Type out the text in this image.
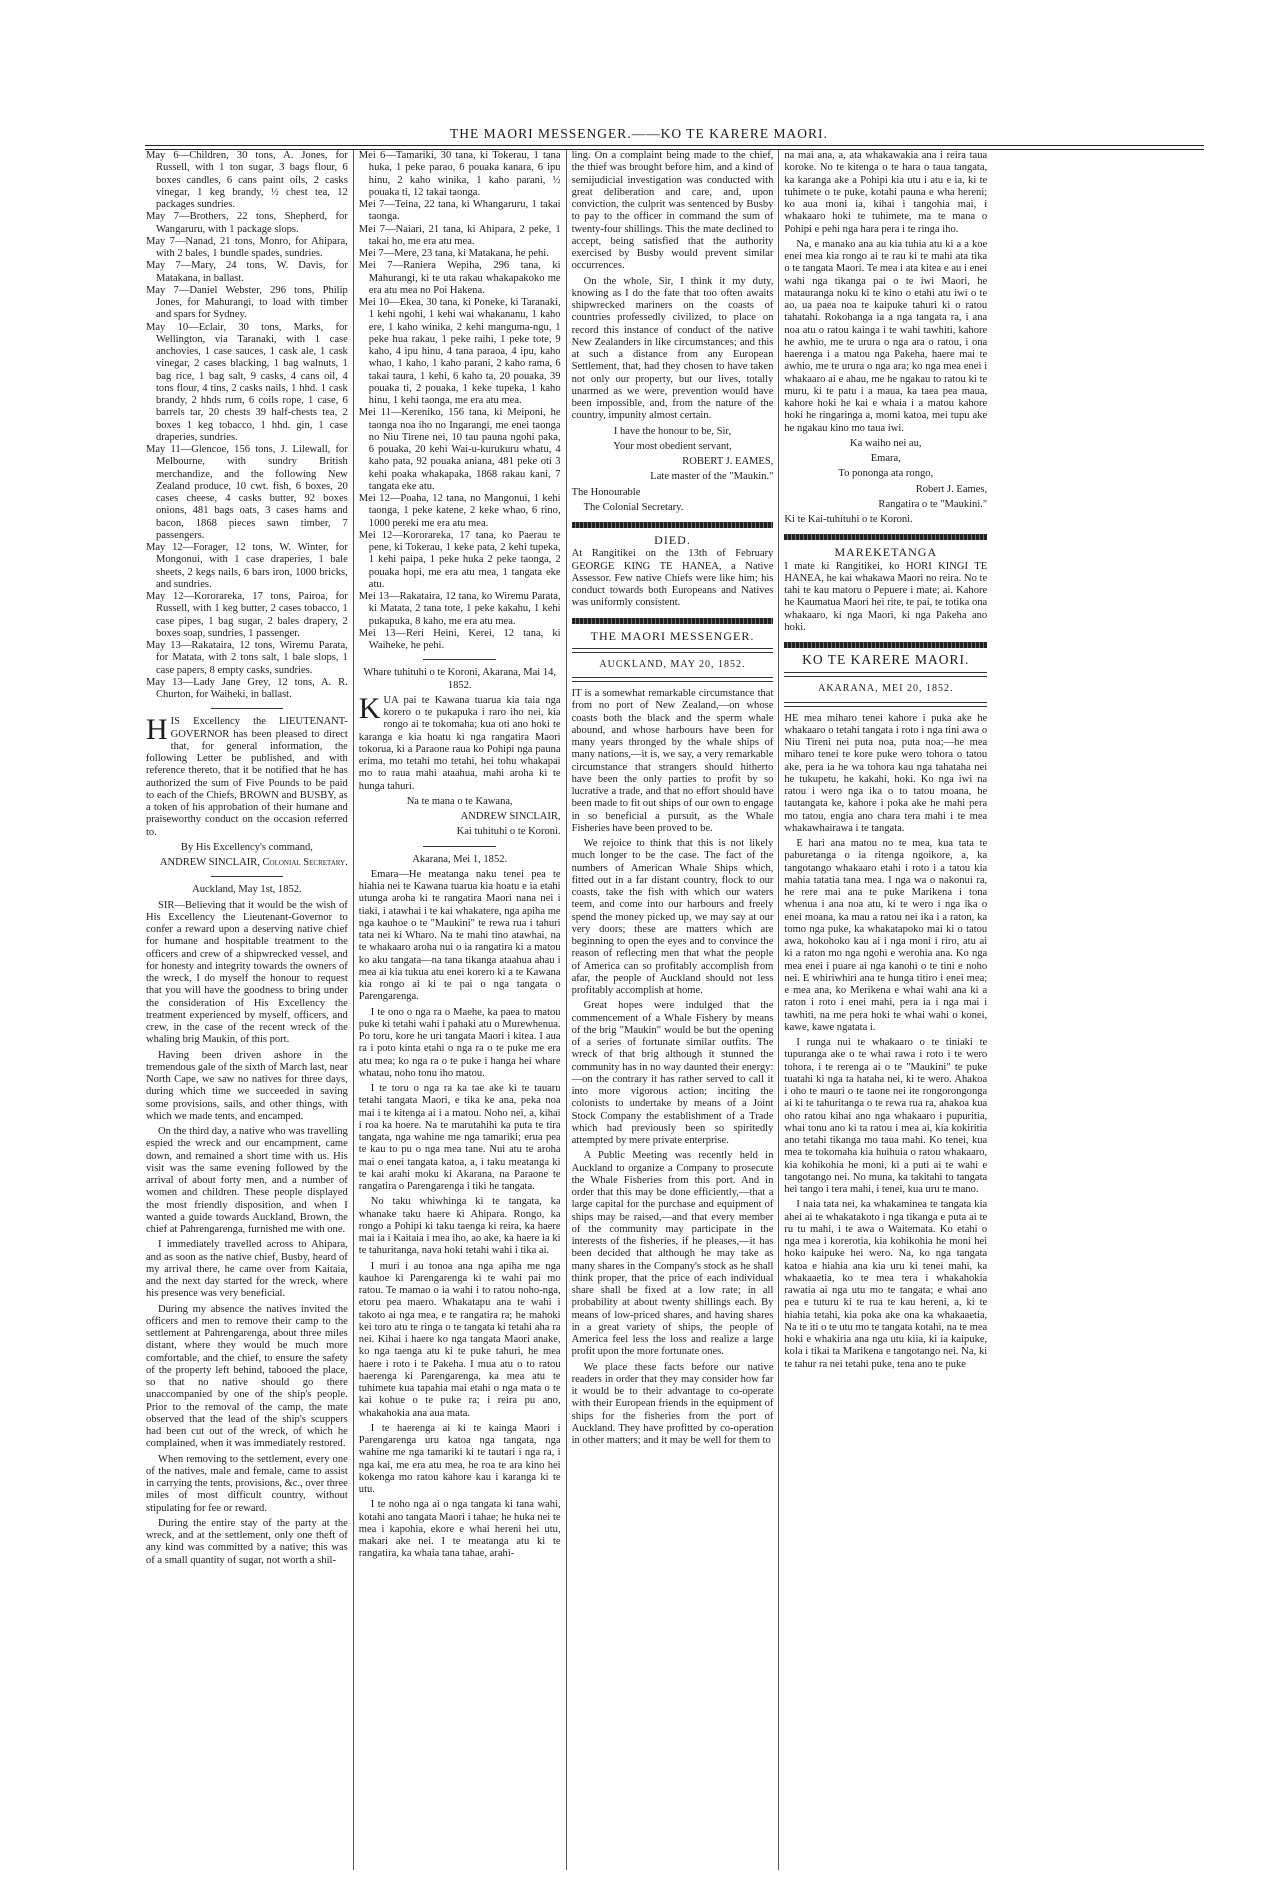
THE MAORI MESSENGER.——KO TE KARERE MAORI.

May 6—Children, 30 tons, A. Jones, for Russell, with 1 ton sugar, 3 bags flour, 6 boxes candles, 6 cans paint oils, 2 casks vinegar, 1 keg brandy, ½ chest tea, 12 packages sundries.

May 7—Brothers, 22 tons, Shepherd, for Wangaruru, with 1 package slops.

May 7—Nanad, 21 tons, Monro, for Ahipara, with 2 bales, 1 bundle spades, sundries.

May 7—Mary, 24 tons, W. Davis, for Matakana, in ballast.

May 7—Daniel Webster, 296 tons, Philip Jones, for Mahurangi, to load with timber and spars for Sydney.

May 10—Eclair, 30 tons, Marks, for Wellington, via Taranaki, with 1 case anchovies, 1 case sauces, 1 cask ale, 1 cask vinegar, 2 cases blacking, 1 bag walnuts, 1 bag rice, 1 bag salt, 9 casks, 4 cans oil, 4 tons flour, 4 tins, 2 casks nails, 1 hhd. 1 cask brandy, 2 hhds rum, 6 coils rope, 1 case, 6 barrels tar, 20 chests 39 half-chests tea, 2 boxes 1 keg tobacco, 1 hhd. gin, 1 case draperies, sundries.

May 11—Glencoe, 156 tons, J. Lilewall, for Melbourne, with sundry British merchandize, and the following New Zealand produce, 10 cwt. fish, 6 boxes, 20 cases cheese, 4 casks butter, 92 boxes onions, 481 bags oats, 3 cases hams and bacon, 1868 pieces sawn timber, 7 passengers.

May 12—Forager, 12 tons, W. Winter, for Mongonui, with 1 case draperies, 1 bale sheets, 2 kegs nails, 6 bars iron, 1000 bricks, and sundries.

May 12—Kororareka, 17 tons, Pairoa, for Russell, with 1 keg butter, 2 cases tobacco, 1 case pipes, 1 bag sugar, 2 bales drapery, 2 boxes soap, sundries, 1 passenger.

May 13—Rakataira, 12 tons, Wiremu Parata, for Matata, with 2 tons salt, 1 bale slops, 1 case papers, 8 empty casks, sundries.

May 13—Lady Jane Grey, 12 tons, A. R. Churton, for Waiheki, in ballast.

HIS Excellency the LIEUTENANT-GOVERNOR has been pleased to direct that, for general information, the following Letter be published, and with reference thereto, that it be notified that he has authorized the sum of Five Pounds to be paid to each of the Chiefs, BROWN and BUSBY, as a token of his approbation of their humane and praiseworthy conduct on the occasion referred to.

By His Excellency's command,

ANDREW SINCLAIR, Colonial Secretary.

Auckland, May 1st, 1852.

SIR—Believing that it would be the wish of His Excellency the Lieutenant-Governor to confer a reward upon a deserving native chief for humane and hospitable treatment to the officers and crew of a shipwrecked vessel, and for honesty and integrity towards the owners of the wreck, I do myself the honour to request that you will have the goodness to bring under the consideration of His Excellency the treatment experienced by myself, officers, and crew, in the case of the recent wreck of the whaling brig Maukin, of this port.

Having been driven ashore in the tremendous gale of the sixth of March last, near North Cape, we saw no natives for three days, during which time we succeeded in saving some provisions, sails, and other things, with which we made tents, and encamped.

On the third day, a native who was travelling espied the wreck and our encampment, came down, and remained a short time with us. His visit was the same evening followed by the arrival of about forty men, and a number of women and children. These people displayed the most friendly disposition, and when I wanted a guide towards Auckland, Brown, the chief at Pahrengarenga, furnished me with one.

I immediately travelled across to Ahipara, and as soon as the native chief, Busby, heard of my arrival there, he came over from Kaitaia, and the next day started for the wreck, where his presence was very beneficial.

During my absence the natives invited the officers and men to remove their camp to the settlement at Pahrengarenga, about three miles distant, where they would be much more comfortable, and the chief, to ensure the safety of the property left behind, tabooed the place, so that no native should go there unaccompanied by one of the ship's people. Prior to the removal of the camp, the mate observed that the lead of the ship's scuppers had been cut out of the wreck, of which he complained, when it was immediately restored.

When removing to the settlement, every one of the natives, male and female, came to assist in carrying the tents, provisions, &c., over three miles of most difficult country, without stipulating for fee or reward.

During the entire stay of the party at the wreck, and at the settlement, only one theft of any kind was committed by a native; this was of a small quantity of sugar, not worth a shil-

Mei 6—Tamariki, 30 tana, ki Tokerau, 1 tana huka, 1 peke parao, 6 pouaka kanara, 6 ipu hinu, 2 kaho winika, 1 kaho parani, ½ pouaka ti, 12 takai taonga.

Mei 7—Teina, 22 tana, ki Whangaruru, 1 takai taonga.

Mei 7—Naiari, 21 tana, ki Ahipara, 2 peke, 1 takai ho, me era atu mea.

Mei 7—Mere, 23 tana, ki Matakana, he pehi.

Mei 7—Raniera Wepiha, 296 tana, ki Mahurangi, ki te uta rakau whakapakoko me era atu mea no Poi Hakena.

Mei 10—Ekea, 30 tana, ki Poneke, ki Taranaki, 1 kehi ngohi, 1 kehi wai whakananu, 1 kaho ere, 1 kaho winika, 2 kehi manguma-ngu, 1 peke hua rakau, 1 peke raihi, 1 peke tote, 9 kaho, 4 ipu hinu, 4 tana paraoa, 4 ipu, kaho whao, 1 kaho, 1 kaho parani, 2 kaho rama, 6 takai taura, 1 kehi, 6 kaho ta, 20 pouaka, 39 pouaka ti, 2 pouaka, 1 keke tupeka, 1 kaho hinu, 1 kehi taonga, me era atu mea.

Mei 11—Kereniko, 156 tana, ki Meiponi, he taonga noa iho no Ingarangi, me enei taonga no Niu Tirene nei, 10 tau pauna ngohi paka, 6 pouaka, 20 kehi Wai-u-kurukuru whatu, 4 kaho pata, 92 pouaka aniana, 481 peke oti 3 kehi poaka whakapaka, 1868 rakau kani, 7 tangata eke atu.

Mei 12—Poaha, 12 tana, no Mangonui, 1 kehi taonga, 1 peke katene, 2 keke whao, 6 rino, 1000 pereki me era atu mea.

Mei 12—Kororareka, 17 tana, ko Paerau te pene, ki Tokerau, 1 keke pata, 2 kehi tupeka, 1 kehi paipa, 1 peke huka 2 peke taonga, 2 pouaka hopi, me era atu mea, 1 tangata eke atu.

Mei 13—Rakataira, 12 tana, ko Wiremu Parata, ki Matata, 2 tana tote, 1 peke kakahu, 1 kehi pukapuka, 8 kaho, me era atu mea.

Mei 13—Reri Heini, Kerei, 12 tana, ki Waiheke, he pehi.

Whare tuhituhi o te Koroni, Akarana, Mai 14, 1852.

KUA pai te Kawana tuarua kia taia nga korero o te pukapuka i raro iho nei, kia rongo ai te tokomaha; kua oti ano hoki te karanga e kia hoatu ki nga rangatira Maori tokorua, ki a Paraone raua ko Pohipi nga pauna erima, mo tetahi mo tetahi, hei tohu whakapai mo to raua mahi ataahua, mahi aroha ki te hunga tahuri.

Na te mana o te Kawana,

ANDREW SINCLAIR,

Kai tuhituhi o te Koroni.

Akarana, Mei 1, 1852.

Emara—He meatanga naku tenei pea te hiahia nei te Kawana tuarua kia hoatu e ia etahi utunga aroha ki te rangatira Maori nana nei i tiaki, i atawhai i te kai whakatere, nga apiha me nga kauhoe o te "Maukini" te rewa rua i tahuri tata nei ki Wharo. Na te mahi tino atawhai, na te whakaaro aroha nui o ia rangatira ki a matou ko aku tangata—na tana tikanga ataahua ahau i mea ai kia tukua atu enei korero ki a te Kawana kia rongo ai ki te pai o nga tangata o Parengarenga.

I te ono o nga ra o Maehe, ka paea to matou puke ki tetahi wahi i pahaki atu o Murewhenua. Po toru, kore he uri tangata Maori i kitea. I aua ra i poto kinta etahi o nga ra o te puke me era atu mea; ko nga ra o te puke i hanga hei whare whatau, noho tonu iho matou.

I te toru o nga ra ka tae ake ki te tauaru tetahi tangata Maori, e tika ke ana, peka noa mai i te kitenga ai i a matou. Noho nei, a, kihai i roa ka hoere. Na te marutahihi ka puta te tira tangata, nga wahine me nga tamariki; erua pea te kau to pu o nga mea tane. Nui atu te aroha mai o enei tangata katoa, a, i taku meatanga ki te kai arahi moku ki Akarana, na Paraone te rangatira o Parengarenga i tiki he tangata.

No taku whiwhinga ki te tangata, ka whanake taku haere ki Ahipara. Rongo, ka rongo a Pohipi ki taku taenga ki reira, ka haere mai ia i Kaitaia i mea iho, ao ake, ka haere ia ki te tahuritanga, nava hoki tetahi wahi i tika ai.

I muri i au tonoa ana nga apiha me nga kauhoe ki Parengarenga ki te wahi pai mo ratou. Te mamao o ia wahi i to ratou noho-nga, etoru pea maero. Whakatapu ana te wahi i takoto ai nga mea, e te rangatira ra; he mahoki kei toro atu te ringa o te tangata ki tetahi aha ra nei. Kihai i haere ko nga tangata Maori anake, ko nga taenga atu ki te puke tahuri, he mea haere i roto i te Pakeha. I mua atu o to ratou haerenga ki Parengarenga, ka mea atu te tuhimete kua tapahia mai etahi o nga mata o te kai kohue o te puke ra; i reira pu ano, whakahokia ana aua mata.

I te haerenga ai ki te kainga Maori i Parengarenga uru katoa nga tangata, nga wahine me nga tamariki ki te tautari i nga ra, i nga kai, me era atu mea, he roa te ara kino hei kokenga mo ratou kahore kau i karanga ki te utu.

I te noho nga ai o nga tangata ki tana wahi, kotahi ano tangata Maori i tahae; he huka nei te mea i kapohia, ekore e whai hereni hei utu, makari ake nei. I te meatanga atu ki te rangatira, ka whaia tana tahae, arahi-

ling. On a complaint being made to the chief, the thief was brought before him, and a kind of semijudicial investigation was conducted with great deliberation and care, and, upon conviction, the culprit was sentenced by Busby to pay to the officer in command the sum of twenty-four shillings. This the mate declined to accept, being satisfied that the authority exercised by Busby would prevent similar occurrences.

On the whole, Sir, I think it my duty, knowing as I do the fate that too often awaits shipwrecked mariners on the coasts of countries professedly civilized, to place on record this instance of conduct of the native New Zealanders in like circumstances; and this at such a distance from any European Settlement, that, had they chosen to have taken not only our property, but our lives, totally unarmed as we were, prevention would have been impossible, and, from the nature of the country, impunity almost certain.

I have the honour to be, Sir,

Your most obedient servant,

ROBERT J. EAMES,

Late master of the "Maukin."

The Honourable

The Colonial Secretary.

DIED.

At Rangitikei on the 13th of February GEORGE KING TE HANEA, a Native Assessor. Few native Chiefs were like him; his conduct towards both Europeans and Natives was uniformly consistent.

THE MAORI MESSENGER.

AUCKLAND, MAY 20, 1852.

IT is a somewhat remarkable circumstance that from no port of New Zealand,—on whose coasts both the black and the sperm whale abound, and whose harbours have been for many years thronged by the whale ships of many nations,—it is, we say, a very remarkable circumstance that strangers should hitherto have been the only parties to profit by so lucrative a trade, and that no effort should have been made to fit out ships of our own to engage in so beneficial a pursuit, as the Whale Fisheries have been proved to be.

We rejoice to think that this is not likely much longer to be the case. The fact of the numbers of American Whale Ships which, fitted out in a far distant country, flock to our coasts, take the fish with which our waters teem, and come into our harbours and freely spend the money picked up, we may say at our very doors; these are matters which are beginning to open the eyes and to convince the reason of reflecting men that what the people of America can so profitably accomplish from afar, the people of Auckland should not less profitably accomplish at home.

Great hopes were indulged that the commencement of a Whale Fishery by means of the brig "Maukin" would be but the opening of a series of fortunate similar outfits. The wreck of that brig although it stunned the community has in no way daunted their energy:—on the contrary it has rather served to call it into more vigorous action; inciting the colonists to undertake by means of a Joint Stock Company the establishment of a Trade which had previously been so spiritedly attempted by mere private enterprise.

A Public Meeting was recently held in Auckland to organize a Company to prosecute the Whale Fisheries from this port. And in order that this may be done efficiently,—that a large capital for the purchase and equipment of ships may be raised,—and that every member of the community may participate in the interests of the fisheries, if he pleases,—it has been decided that although he may take as many shares in the Company's stock as he shall think proper, that the price of each individual share shall be fixed at a low rate; in all probability at about twenty shillings each. By means of low-priced shares, and having shares in a great variety of ships, the people of America feel less the loss and realize a large profit upon the more fortunate ones.

We place these facts before our native readers in order that they may consider how far it would be to their advantage to co-operate with their European friends in the equipment of ships for the fisheries from the port of Auckland. They have profitted by co-operation in other matters; and it may be well for them to

na mai ana, a, ata whakawakia ana i reira taua koroke. No te kitenga o te hara o taua tangata, ka karanga ake a Pohipi kia utu i atu e ia, ki te tuhimete o te puke, kotahi pauna e wha hereni; ko aua moni ia, kihai i tangohia mai, i whakaaro hoki te tuhimete, ma te mana o Pohipi e pehi nga hara pera i te ringa iho.

Na, e manako ana au kia tuhia atu ki a a koe enei mea kia rongo ai te rau ki te mahi ata tika o te tangata Maori. Te mea i ata kitea e au i enei wahi nga tikanga pai o te iwi Maori, he matauranga noku ki te kino o etahi atu iwi o te ao, ua paea noa te kaipuke tahuri ki o ratou tahatahi. Rokohanga ia a nga tangata ra, i ana noa atu o ratou kainga i te wahi tawhiti, kahore he awhio, me te urura o nga ara o ratou, i ona haerenga i a matou nga Pakeha, haere mai te awhio, me te urura o nga ara; ko nga mea enei i whakaaro ai e ahau, me he ngakau to ratou ki te muru, ki te patu i a maua, ka taea pea maua, kahore hoki he kai e whaia i a matou kahore hoki he ringaringa a, momi katoa, mei tupu ake he ngakau kino mo taua iwi.

Ka waiho nei au,

Emara,

To pononga ata rongo,

Robert J. Eames,

Rangatira o te "Maukini."

Ki te Kai-tuhituhi o te Koroni.

MAREKETANGA

I mate ki Rangitikei, ko HORI KINGI TE HANEA, he kai whakawa Maori no reira. No te tahi te kau matoru o Pepuere i mate; ai. Kahore he Kaumatua Maori hei rite, te pai, te totika ona whakaaro, ki nga Maori, ki nga Pakeha ano hoki.

KO TE KARERE MAORI.

AKARANA, MEI 20, 1852.

HE mea miharo tenei kahore i puka ake he whakaaro o tetahi tangata i roto i nga tini awa o Niu Tireni nei puta noa, puta noa;—he mea miharo tenei te kore puke wero tohora o tatou ake, pera ia he wa tohora kau nga tahataha nei he tukupetu, he kakahi, hoki. Ko nga iwi na ratou i wero nga ika o to tatou moana, he tautangata ke, kahore i poka ake he mahi pera mo tatou, engia ano chara tera mahi i te mea whakawhairawa i te tangata.

E hari ana matou no te mea, kua tata te paburetanga o ia ritenga ngoikore, a, ka tangotango whakaaro etahi i roto i a tatou kia mahia tatatia tana mea. I nga wa o nakonui ra, he rere mai ana te puke Marikena i tona whenua i ana noa atu, ki te wero i nga ika o enei moana, ka mau a ratou nei ika i a raton, ka tomo nga puke, ka whakatapoko mai ki o tatou awa, hokohoko kau ai i nga moni i riro, atu ai ki a raton mo nga ngohi e werohia ana. Ko nga mea enei i puare ai nga kanohi o te tini e noho nei. E whiriwhiri ana te hunga titiro i enei mea; e mea ana, ko Merikena e whai wahi ana ki a raton i roto i enei mahi, pera ia i nga mai i tawhiti, na me pera hoki te whai wahi o konei, kawe, kawe ngatata i.

I runga nui te whakaaro o te tiniaki te tupuranga ake o te whai rawa i roto i te wero tohora, i te rerenga ai o te "Maukini" te puke tuatahi ki nga ta hataha nei, ki te wero. Ahakoa i oho te mauri o te taone nei ite rongorongonga ai ki te tahuritanga o te rewa rua ra, ahakoa kua oho ratou kihai ano nga whakaaro i pupuritia, whai tonu ano ki ta ratou i mea ai, kia kokiritia ano tetahi tikanga mo taua mahi. Ko tenei, kua mea te tokomaha kia huihuia o ratou whakaaro, kia kohikohia he moni, ki a puti ai te wahi e tangotango nei. No muna, ka takitahi to tangata hei tango i tera mahi, i tenei, kua uru te mano.

I naia tata nei, ka whakaminea te tangata kia ahei ai te whakatakoto i nga tikanga e puta ai te ru tu mahi, i te awa o Waitemata. Ko etahi o nga mea i korerotia, kia kohikohia he moni hei hoko kaipuke hei wero. Na, ko nga tangata katoa e hiahia ana kia uru ki tenei mahi, ka whakaaetia, ko te mea tera i whakahokia rawatia ai nga utu mo te tangata; e whai ano pea e tuturu ki te rua te kau hereni, a, ki te hiahia tetahi, kia poka ake ona ka whakaaetia, Na te iti o te utu mo te tangata kotahi, na te mea hoki e whakiria ana nga utu kiia, ki ia kaipuke, kola i tikai ta Marikena e tangotango nei. Na, ki te tahur ra nei tetahi puke, tena ano te puke
